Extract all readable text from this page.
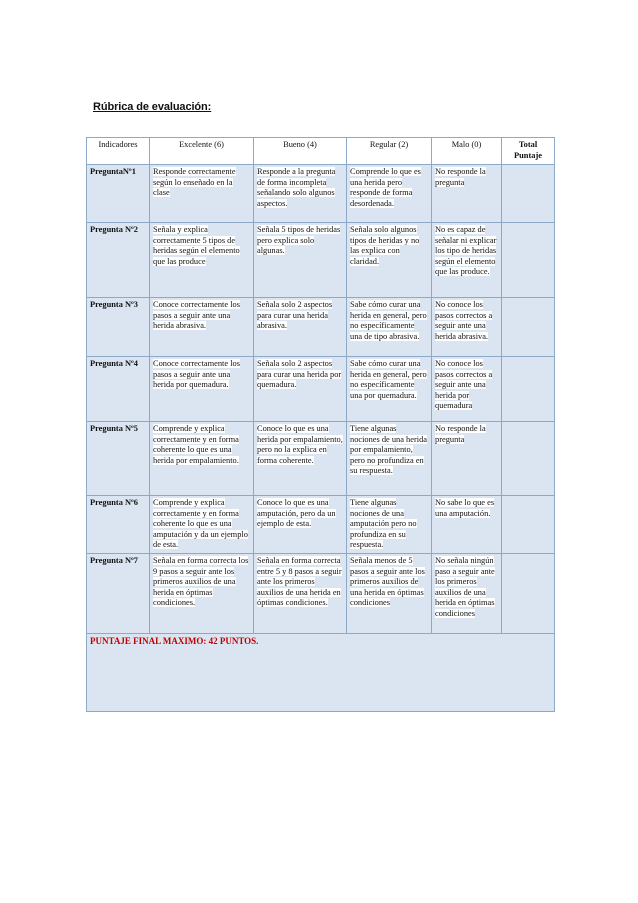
Rúbrica de evaluación:
Indicadores	Excelente (6)	Bueno (4)	Regular (2)	Malo (0)	Total Puntaje
PreguntaNº1	Responde correctamente según lo enseñado en la clase	Responde a la pregunta de forma incompleta señalando solo algunos aspectos.	Comprende lo que es una herida pero responde de forma desordenada.	No responde la pregunta	
Pregunta Nº2	Señala y explica correctamente 5 tipos de heridas según el elemento que las produce	Señala 5 tipos de heridas pero explica solo algunas.	Señala solo algunos tipos de heridas y no las explica con claridad.	No es capaz de señalar ni explicar los tipo de heridas según el elemento que las produce.	
Pregunta Nº3	Conoce correctamente los pasos a seguir ante una herida abrasiva.	Señala solo 2 aspectos para curar una herida abrasiva.	Sabe cómo curar una herida en general, pero no específicamente una de tipo abrasiva.	No conoce los pasos correctos a seguir ante una herida abrasiva.	
Pregunta Nº4	Conoce correctamente los pasos a seguir ante una herida por quemadura.	Señala solo 2 aspectos para curar una herida por quemadura.	Sabe cómo curar una herida en general, pero no específicamente una por quemadura.	No conoce los pasos correctos a seguir ante una herida por quemadura	
Pregunta Nº5	Comprende y explica correctamente y en forma coherente lo que es una herida por empalamiento.	Conoce lo que es una herida por empalamiento, pero no la explica en forma coherente.	Tiene algunas nociones de una herida por empalamiento, pero no profundiza en su respuesta.	No responde la pregunta	
Pregunta Nº6	Comprende y explica correctamente y en forma coherente lo que es una amputación y da un ejemplo de esta.	Conoce lo que es una amputación, pero da un ejemplo de esta.	Tiene algunas nociones de una amputación pero no profundiza en su respuesta.	No sabe lo que es una amputación.	
Pregunta Nº7	Señala en forma correcta los 9 pasos a seguir ante los primeros auxilios de una herida en óptimas condiciones.	Señala en forma correcta entre 5 y 8 pasos a seguir ante los primeros auxilios de una herida en óptimas condiciones.	Señala menos de 5 pasos a seguir ante los primeros auxilios de una herida en óptimas condiciones	No señala ningún paso a seguir ante los primeros auxilios de una herida en óptimas condiciones	
PUNTAJE FINAL MAXIMO: 42 PUNTOS.					
